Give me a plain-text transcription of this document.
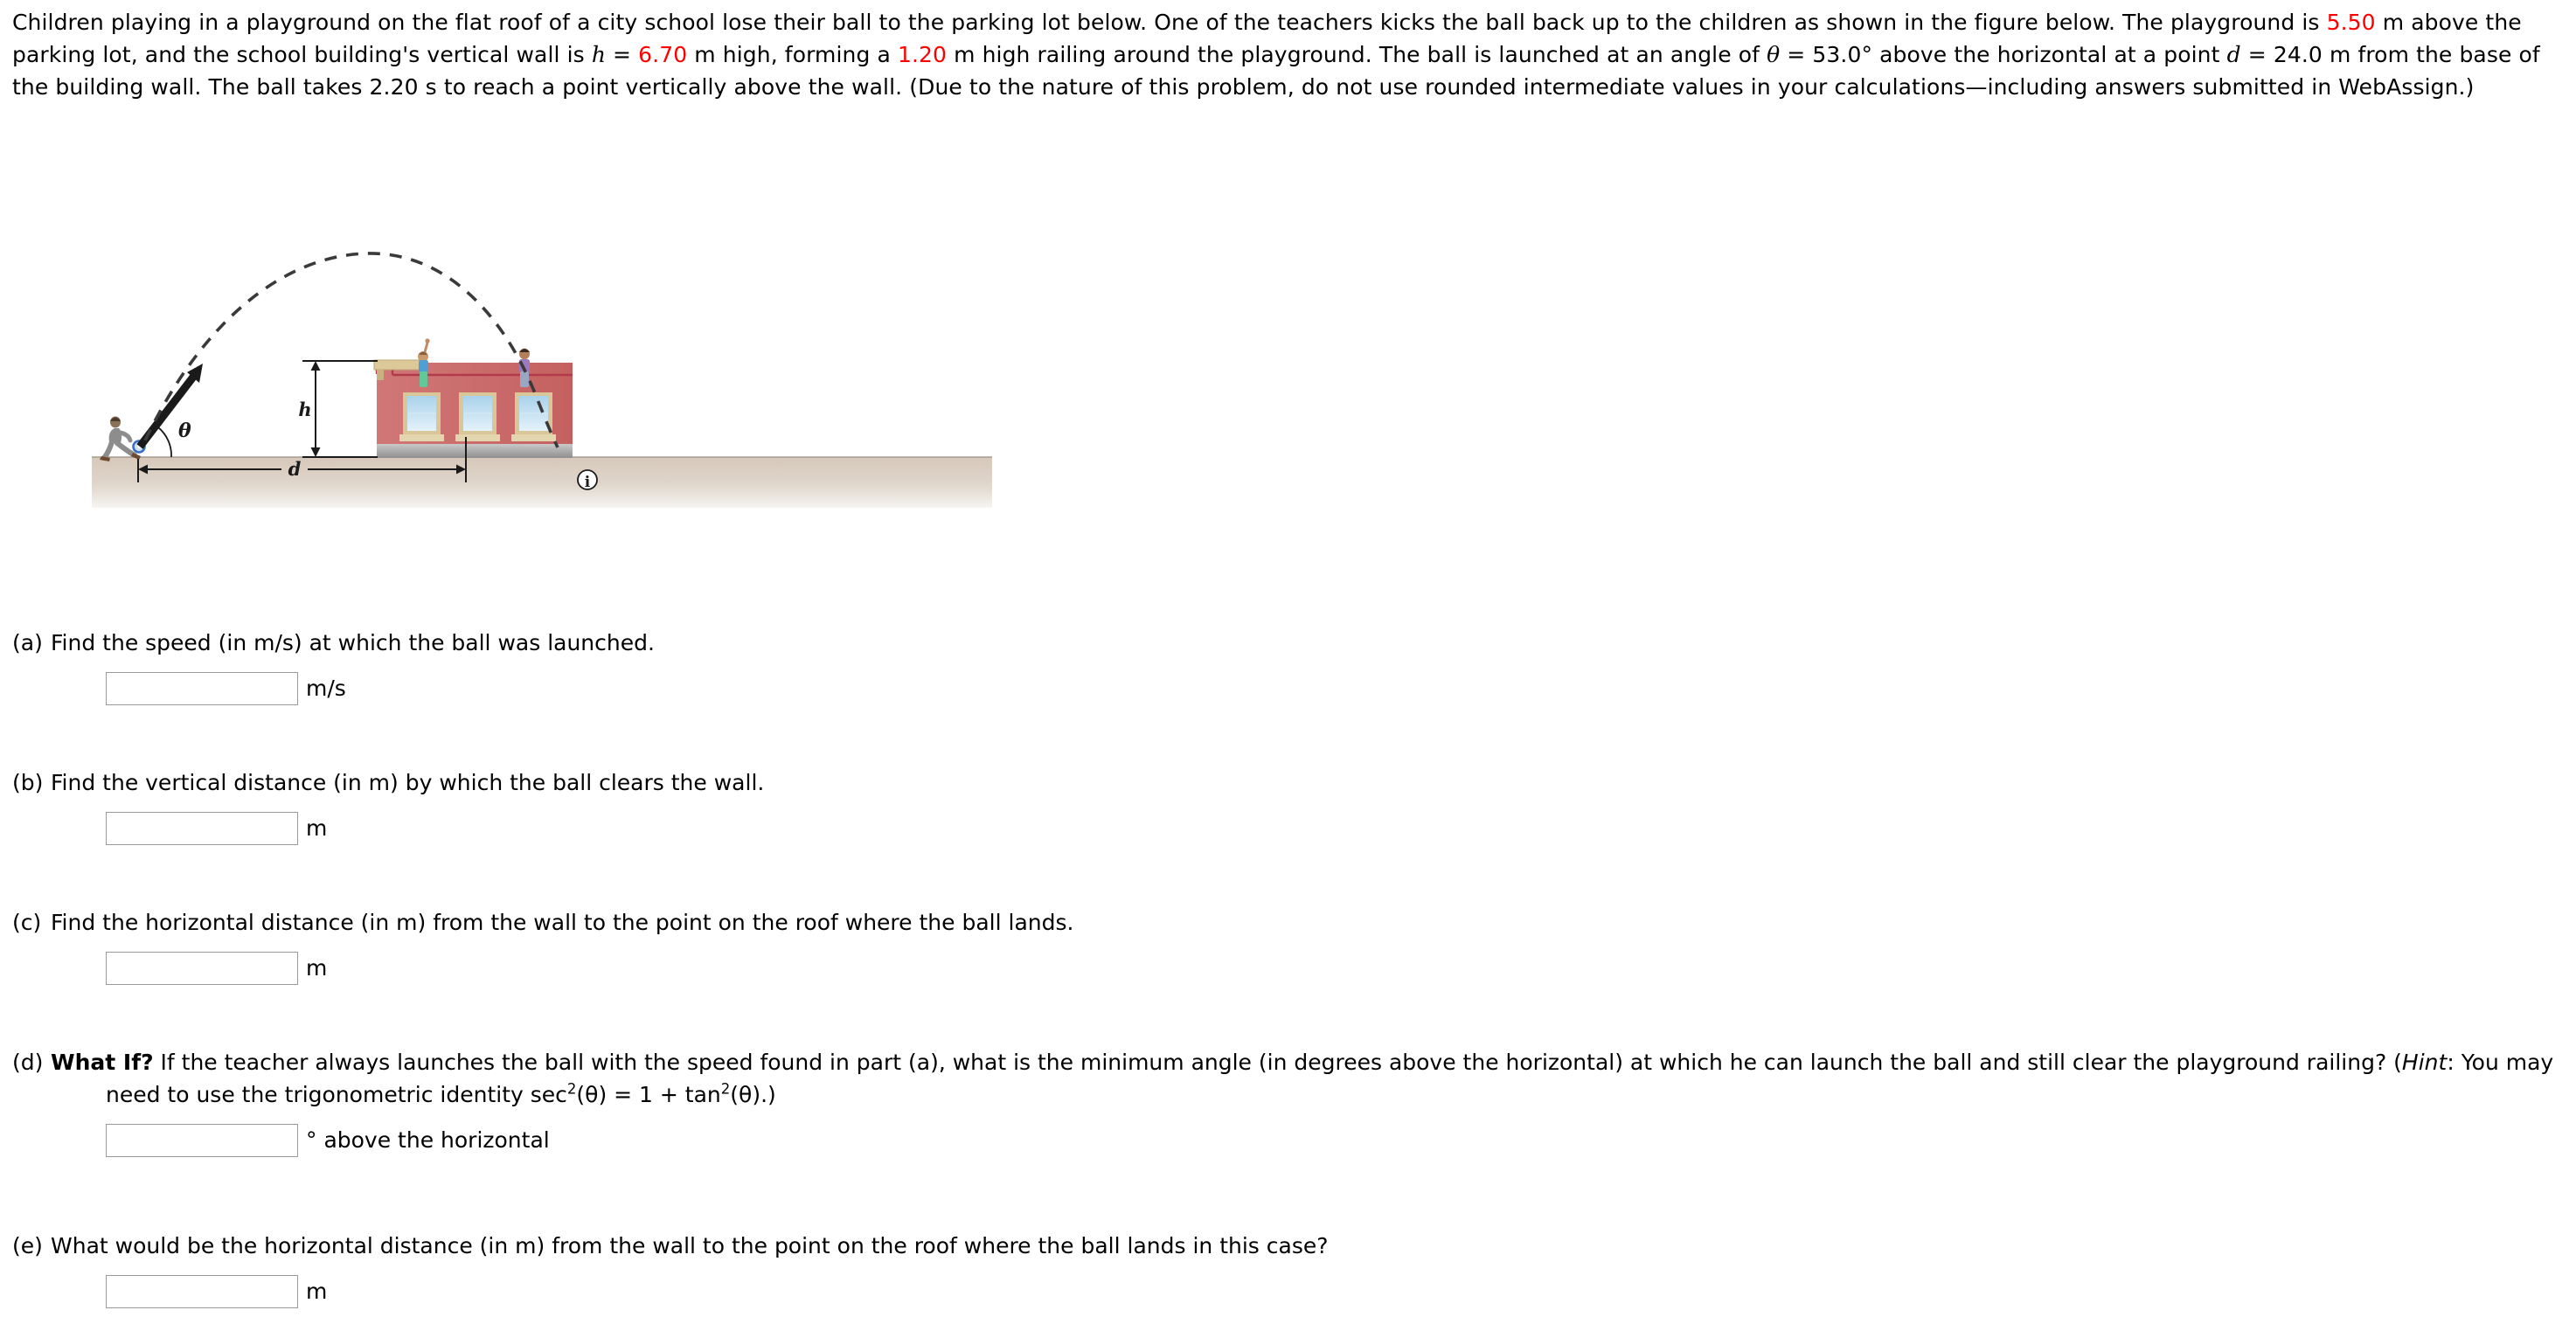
Children playing in a playground on the flat roof of a city school lose their ball to the parking lot below. One of the teachers kicks the ball back up to the children as shown in the figure below. The playground is 5.50 m above the parking lot, and the school building's vertical wall is h = 6.70 m high, forming a 1.20 m high railing around the playground. The ball is launched at an angle of θ = 53.0° above the horizontal at a point d = 24.0 m from the base of the building wall. The ball takes 2.20 s to reach a point vertically above the wall. (Due to the nature of this problem, do not use rounded intermediate values in your calculations—including answers submitted in WebAssign.)
θ
h
d
i
(a) Find the speed (in m/s) at which the ball was launched.
m/s
(b) Find the vertical distance (in m) by which the ball clears the wall.
m
(c) Find the horizontal distance (in m) from the wall to the point on the roof where the ball lands.
m
(d) What If? If the teacher always launches the ball with the speed found in part (a), what is the minimum angle (in degrees above the horizontal) at which he can launch the ball and still clear the playground railing? (Hint: You may need to use the trigonometric identity $\sec^2(\theta) = 1 + \tan^2(\theta)$.)
° above the horizontal
(e) What would be the horizontal distance (in m) from the wall to the point on the roof where the ball lands in this case?
m
